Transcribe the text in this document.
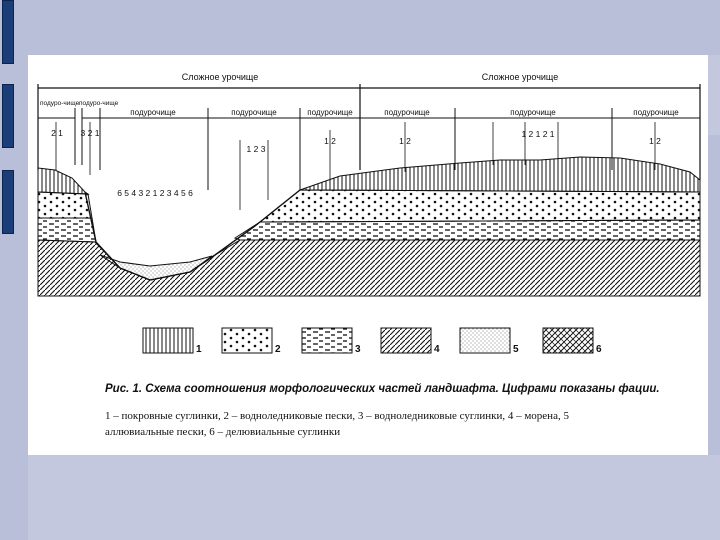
Сложное урочище	Сложное урочище
подуро-чище подуро-чище
подурочище	подурочище	подурочище	подурочище	подурочище	подурочище
2 1 3 2 1
6 5 4 3 2 1 2 3 4 5 6
1 2 3
1 2	1 2
1 2 1 2 1
1 2
1	2	3	4	5	6
Рис. 1. Схема соотношения морфологических частей ландшафта. Цифрами показаны фации.
1 – покровные суглинки, 2 – водноледниковые пески, 3 – водноледниковые суглинки, 4 – морена, 5
аллювиальные пески, 6 – делювиальные суглинки
